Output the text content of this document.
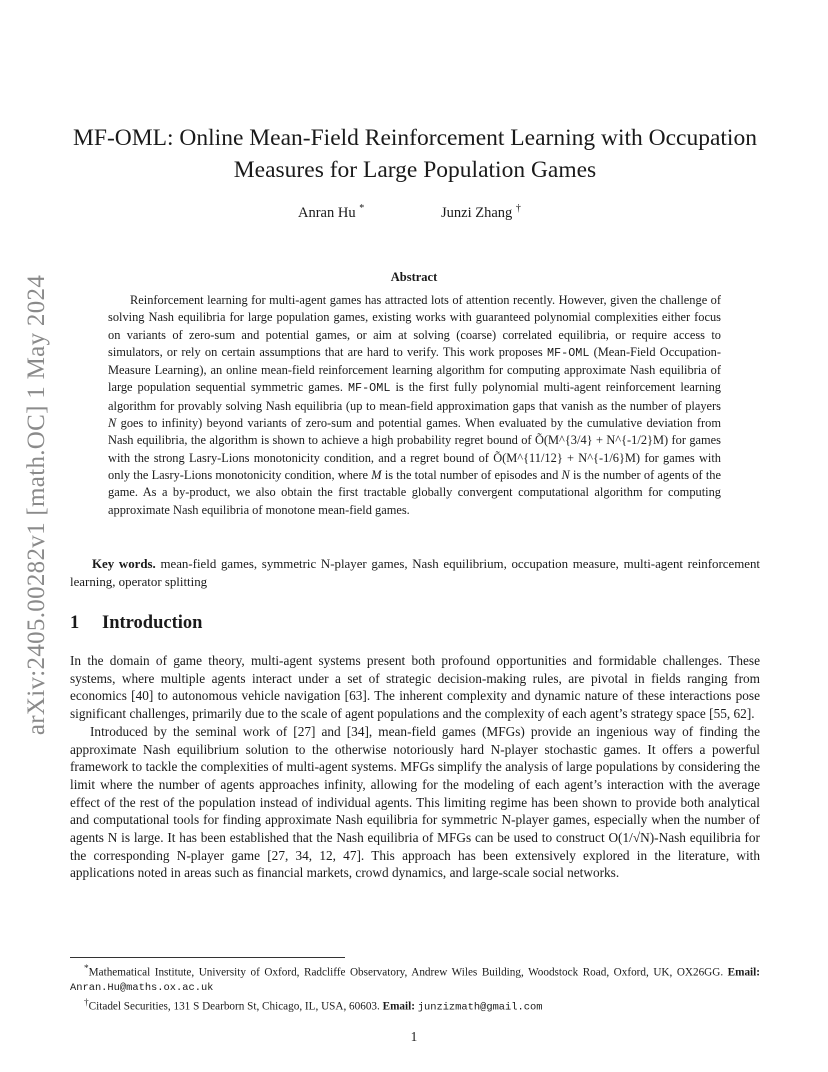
arXiv:2405.00282v1 [math.OC] 1 May 2024
MF-OML: Online Mean-Field Reinforcement Learning with Occupation Measures for Large Population Games
Anran Hu *	Junzi Zhang †
Abstract

Reinforcement learning for multi-agent games has attracted lots of attention recently. However, given the challenge of solving Nash equilibria for large population games, existing works with guaranteed polynomial complexities either focus on variants of zero-sum and potential games, or aim at solving (coarse) correlated equilibria, or require access to simulators, or rely on certain assumptions that are hard to verify. This work proposes MF-OML (Mean-Field Occupation-Measure Learning), an online mean-field reinforcement learning algorithm for computing approximate Nash equilibria of large population sequential symmetric games. MF-OML is the first fully polynomial multi-agent reinforcement learning algorithm for provably solving Nash equilibria (up to mean-field approximation gaps that vanish as the number of players N goes to infinity) beyond variants of zero-sum and potential games. When evaluated by the cumulative deviation from Nash equilibria, the algorithm is shown to achieve a high probability regret bound of Õ(M^{3/4} + N^{-1/2}M) for games with the strong Lasry-Lions monotonicity condition, and a regret bound of Õ(M^{11/12} + N^{-1/6}M) for games with only the Lasry-Lions monotonicity condition, where M is the total number of episodes and N is the number of agents of the game. As a by-product, we also obtain the first tractable globally convergent computational algorithm for computing approximate Nash equilibria of monotone mean-field games.

Key words. mean-field games, symmetric N-player games, Nash equilibrium, occupation measure, multi-agent reinforcement learning, operator splitting

1 Introduction

In the domain of game theory, multi-agent systems present both profound opportunities and formidable challenges. These systems, where multiple agents interact under a set of strategic decision-making rules, are pivotal in fields ranging from economics [40] to autonomous vehicle navigation [63]. The inherent complexity and dynamic nature of these interactions pose significant challenges, primarily due to the scale of agent populations and the complexity of each agent’s strategy space [55, 62].

Introduced by the seminal work of [27] and [34], mean-field games (MFGs) provide an ingenious way of finding the approximate Nash equilibrium solution to the otherwise notoriously hard N-player stochastic games. It offers a powerful framework to tackle the complexities of multi-agent systems. MFGs simplify the analysis of large populations by considering the limit where the number of agents approaches infinity, allowing for the modeling of each agent’s interaction with the average effect of the rest of the population instead of individual agents. This limiting regime has been shown to provide both analytical and computational tools for finding approximate Nash equilibria for symmetric N-player games, especially when the number of agents N is large. It has been established that the Nash equilibria of MFGs can be used to construct O(1/√N)-Nash equilibria for the corresponding N-player game [27, 34, 12, 47]. This approach has been extensively explored in the literature, with applications noted in areas such as financial markets, crowd dynamics, and large-scale social networks.

*Mathematical Institute, University of Oxford, Radcliffe Observatory, Andrew Wiles Building, Woodstock Road, Oxford, UK, OX26GG. Email: Anran.Hu@maths.ox.ac.uk

†Citadel Securities, 131 S Dearborn St, Chicago, IL, USA, 60603. Email: junzizmath@gmail.com

1
